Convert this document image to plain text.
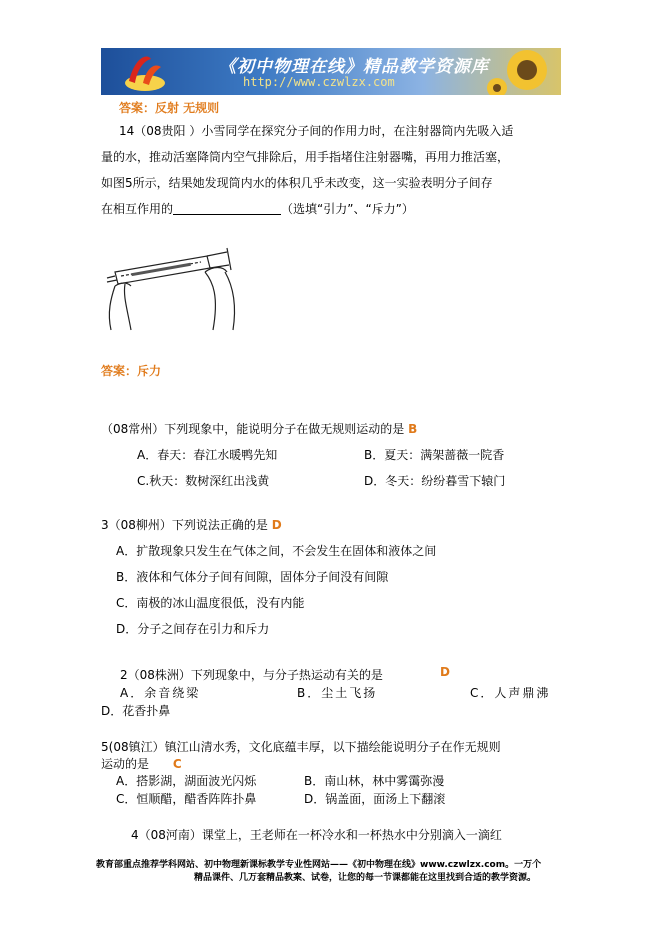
《初中物理在线》精品教学资源库
http://www.czwlzx.com
答案：反射 无规则
14（08贵阳 ）小雪同学在探究分子间的作用力时，在注射器筒内先吸入适
量的水，推动活塞降筒内空气排除后，用手指堵住注射器嘴，再用力推活塞，
如图5所示，结果她发现筒内水的体积几乎未改变，这一实验表明分子间存
在相互作用的	（选填“引力”、“斥力”）
答案：斥力
（08常州）下列现象中，能说明分子在做无规则运动的是 B
A．春天：春江水暖鸭先知	B．夏天：满架蔷薇一院香
C.秋天：数树深红出浅黄	D．冬天：纷纷暮雪下辕门
3（08柳州）下列说法正确的是 D
A．扩散现象只发生在气体之间，不会发生在固体和液体之间
B．液体和气体分子间有间隙，固体分子间没有间隙
C．南极的冰山温度很低，没有内能
D．分子之间存在引力和斥力
2（08株洲）下列现象中，与分子热运动有关的是	D
A．余音绕梁	B．尘土飞扬	C．人声鼎沸
D．花香扑鼻
5(08镇江）镇江山清水秀，文化底蕴丰厚，以下描绘能说明分子在作无规则
运动的是 C
A．搭影湖，湖面波光闪烁	B．南山林，林中雾霭弥漫
C．恒顺醋，醋香阵阵扑鼻	D．锅盖面，面汤上下翻滚
4（08河南）课堂上，王老师在一杯冷水和一杯热水中分别滴入一滴红
教育部重点推荐学科网站、初中物理新课标教学专业性网站——《初中物理在线》www.czwlzx.com。一万个
精品课件、几万套精品教案、试卷，让您的每一节课都能在这里找到合适的教学资源。
